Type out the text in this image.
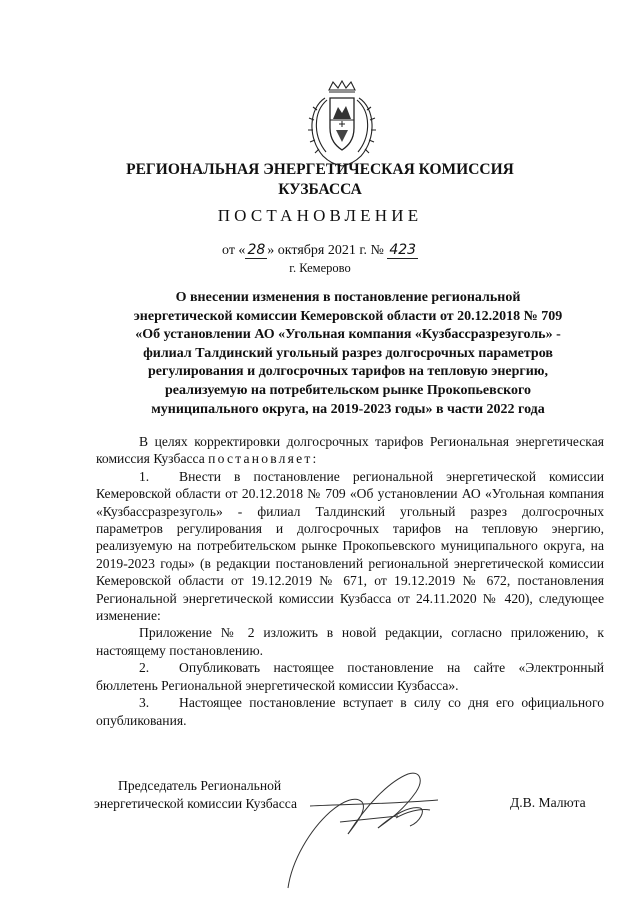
РЕГИОНАЛЬНАЯ ЭНЕРГЕТИЧЕСКАЯ КОМИССИЯ
КУЗБАССА
ПОСТАНОВЛЕНИЕ
от « 28 » октября 2021 г. № 423
г. Кемерово
О внесении изменения в постановление региональной
энергетической комиссии Кемеровской области от 20.12.2018 № 709
«Об установлении АО «Угольная компания «Кузбассразрезуголь» -
филиал Талдинский угольный разрез долгосрочных параметров
регулирования и долгосрочных тарифов на тепловую энергию,
реализуемую на потребительском рынке Прокопьевского
муниципального округа, на 2019-2023 годы» в части 2022 года

В целях корректировки долгосрочных тарифов Региональная энергетическая комиссия Кузбасса постановляет:

1. Внести в постановление региональной энергетической комиссии Кемеровской области от 20.12.2018 № 709 «Об установлении АО «Угольная компания «Кузбассразрезуголь» - филиал Талдинский угольный разрез долгосрочных параметров регулирования и долгосрочных тарифов на тепловую энергию, реализуемую на потребительском рынке Прокопьевского муниципального округа, на 2019-2023 годы» (в редакции постановлений региональной энергетической комиссии Кемеровской области от 19.12.2019 № 671, от 19.12.2019 № 672, постановления Региональной энергетической комиссии Кузбасса от 24.11.2020 № 420), следующее изменение:

Приложение № 2 изложить в новой редакции, согласно приложению, к настоящему постановлению.

2. Опубликовать настоящее постановление на сайте «Электронный бюллетень Региональной энергетической комиссии Кузбасса».

3. Настоящее постановление вступает в силу со дня его официального опубликования.

Председатель Региональной
энергетической комиссии Кузбасса	Д.В. Малюта
